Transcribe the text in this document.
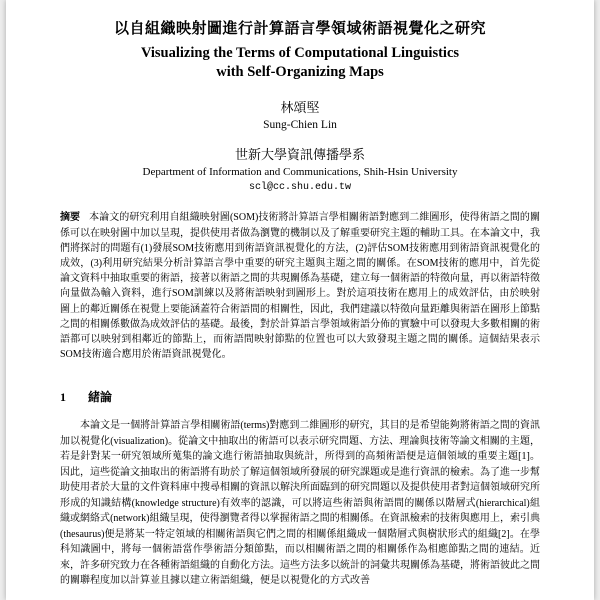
以自組織映射圖進行計算語言學領域術語視覺化之研究
Visualizing the Terms of Computational Linguistics
with Self-Organizing Maps
林頌堅
Sung-Chien Lin
世新大學資訊傳播學系
Department of Information and Communications, Shih-Hsin University
scl@cc.shu.edu.tw
摘要 本論文的研究利用自組織映射圖(SOM)技術將計算語言學相關術語對應到二維圖形，使得術語之間的關係可以在映射圖中加以呈現，提供使用者做為瀏覽的機制以及了解重要研究主題的輔助工具。在本論文中，我們將探討的問題有(1)發展SOM技術應用到術語資訊視覺化的方法，(2)評估SOM技術應用到術語資訊視覺化的成效，(3)利用研究結果分析計算語言學中重要的研究主題與主題之間的關係。在SOM技術的應用中，首先從論文資料中抽取重要的術語，接著以術語之間的共現關係為基礎，建立每一個術語的特徵向量，再以術語特徵向量做為輸入資料，進行SOM訓練以及將術語映射到圖形上。對於這項技術在應用上的成效評估，由於映射圖上的鄰近關係在視覺上要能涵蓋符合術語間的相關性，因此，我們建議以特徵向量距離與術語在圖形上節點之間的相關係數做為成效評估的基礎。最後，對於計算語言學領域術語分佈的實驗中可以發現大多數相關的術語都可以映射到相鄰近的節點上，而術語間映射節點的位置也可以大致發現主題之間的關係。這個結果表示SOM技術適合應用於術語資訊視覺化。
1 緒論
本論文是一個將計算語言學相關術語(terms)對應到二維圖形的研究，其目的是希望能夠將術語之間的資訊加以視覺化(visualization)。從論文中抽取出的術語可以表示研究問題、方法、理論與技術等論文相關的主題，若是針對某一研究領域所蒐集的論文進行術語抽取與統計，所得到的高頻術語便是這個領域的重要主題[1]。因此，這些從論文抽取出的術語將有助於了解這個領域所發展的研究課題或是進行資訊的檢索。為了進一步幫助使用者於大量的文件資料庫中搜尋相關的資訊以解決所面臨到的研究問題以及提供使用者對這個領域研究所形成的知識結構(knowledge structure)有效率的認識，可以將這些術語與術語間的關係以階層式(hierarchical)組織或網絡式(network)組織呈現，使得瀏覽者得以掌握術語之間的相關係。在資訊檢索的技術與應用上，索引典(thesaurus)便是將某一特定領域的相關術語與它們之間的相關係組織成一個階層式與樹狀形式的組織[2]。在學科知識圖中，將每一個術語當作學術語分類節點，而以相關術語之間的相關係作為相應節點之間的連結。近來，許多研究致力在各種術語組織的自動化方法。這些方法多以統計的詞彙共現關係為基礎，將術語彼此之間的關聯程度加以計算並且據以建立術語組織，便是以視覺化的方式改善
